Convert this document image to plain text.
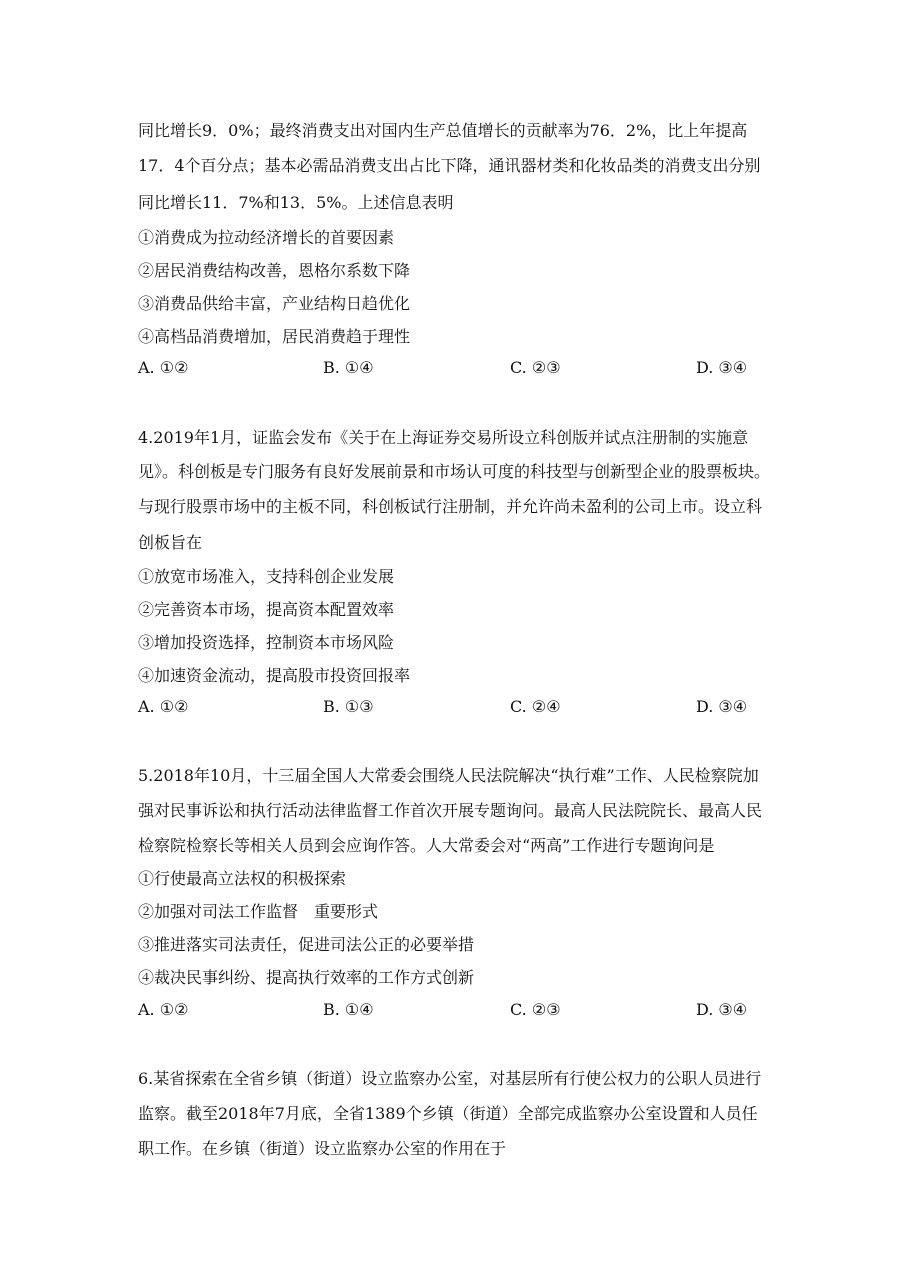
同比增长9．0%；最终消费支出对国内生产总值增长的贡献率为76．2%，比上年提高
17．4个百分点；基本必需品消费支出占比下降，通讯器材类和化妆品类的消费支出分别
同比增长11．7%和13．5%。上述信息表明
①消费成为拉动经济增长的首要因素
②居民消费结构改善，恩格尔系数下降
③消费品供给丰富，产业结构日趋优化
④高档品消费增加，居民消费趋于理性
A. ①②	B. ①④	C. ②③	D. ③④
4.2019年1月，证监会发布《关于在上海证券交易所设立科创版并试点注册制的实施意
见》。科创板是专门服务有良好发展前景和市场认可度的科技型与创新型企业的股票板块。
与现行股票市场中的主板不同，科创板试行注册制，并允许尚未盈利的公司上市。设立科
创板旨在
①放宽市场准入，支持科创企业发展
②完善资本市场，提高资本配置效率
③增加投资选择，控制资本市场风险
④加速资金流动，提高股市投资回报率
A. ①②	B. ①③	C. ②④	D. ③④
5.2018年10月，十三届全国人大常委会围绕人民法院解决“执行难”工作、人民检察院加
强对民事诉讼和执行活动法律监督工作首次开展专题询问。最高人民法院院长、最高人民
检察院检察长等相关人员到会应询作答。人大常委会对“两高”工作进行专题询问是
①行使最高立法权的积极探索
②加强对司法工作监督　重要形式
③推进落实司法责任，促进司法公正的必要举措
④裁决民事纠纷、提高执行效率的工作方式创新
A. ①②	B. ①④	C. ②③	D. ③④
6.某省探索在全省乡镇（街道）设立监察办公室，对基层所有行使公权力的公职人员进行
监察。截至2018年7月底，全省1389个乡镇（街道）全部完成监察办公室设置和人员任
职工作。在乡镇（街道）设立监察办公室的作用在于
